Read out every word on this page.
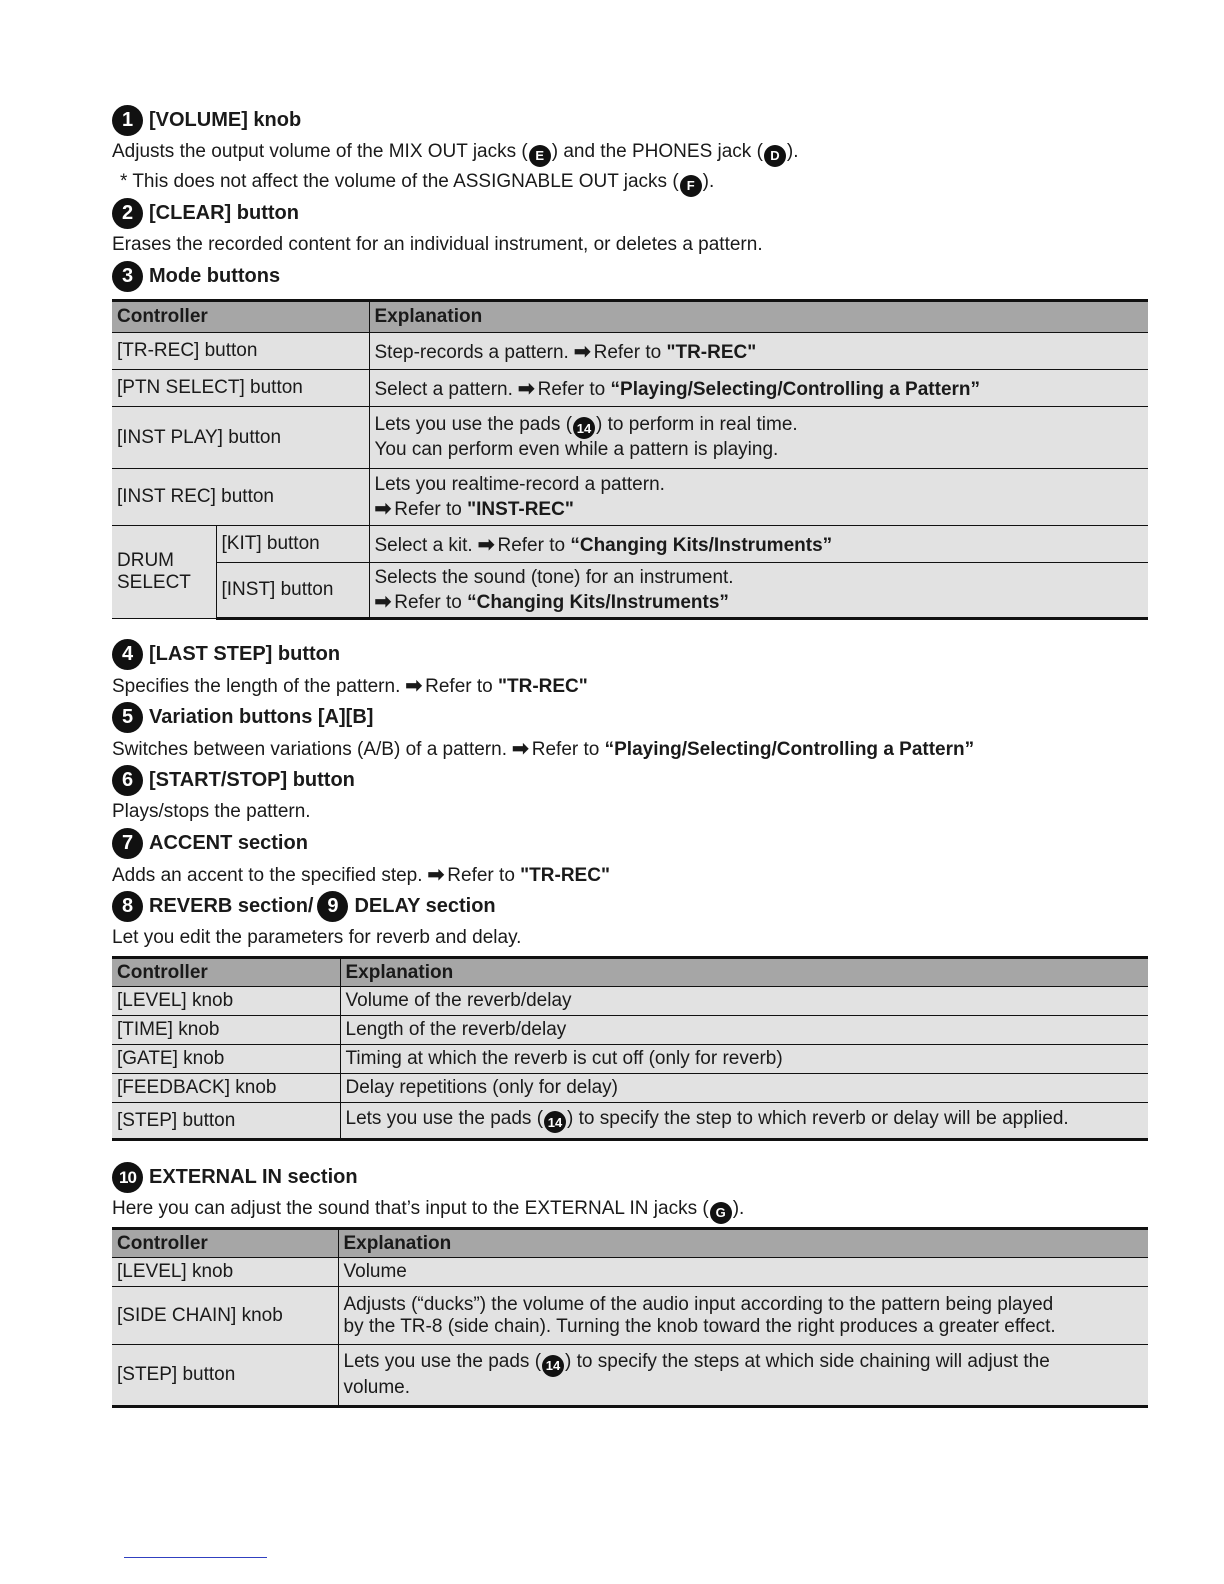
1 [VOLUME] knob
Adjusts the output volume of the MIX OUT jacks ( E ) and the PHONES jack ( D ).
* This does not affect the volume of the ASSIGNABLE OUT jacks ( F ).
2 [CLEAR] button
Erases the recorded content for an individual instrument, or deletes a pattern.
3 Mode buttons
Controller		Explanation
[TR-REC] button		Step-records a pattern. ➡ Refer to "TR-REC"
[PTN SELECT] button		Select a pattern. ➡ Refer to “Playing/Selecting/Controlling a Pattern”
[INST PLAY] button		Lets you use the pads ( 14 ) to perform in real time.
You can perform even while a pattern is playing.

[INST REC] button		Lets you realtime-record a pattern.
➡ Refer to "INST-REC"

DRUM
SELECT	[KIT] button	Select a kit. ➡ Refer to “Changing Kits/Instruments”
	[INST] button	Selects the sound (tone) for an instrument.
➡ Refer to “Changing Kits/Instruments”
4 [LAST STEP] button
Specifies the length of the pattern. ➡ Refer to "TR-REC"
5 Variation buttons [A][B]
Switches between variations (A/B) of a pattern. ➡ Refer to “Playing/Selecting/Controlling a Pattern”
6 [START/STOP] button
Plays/stops the pattern.
7 ACCENT section
Adds an accent to the specified step. ➡ Refer to "TR-REC"
8 REVERB section/ 9 DELAY section
Let you edit the parameters for reverb and delay.
Controller	Explanation
[LEVEL] knob	Volume of the reverb/delay
[TIME] knob	Length of the reverb/delay
[GATE] knob	Timing at which the reverb is cut off (only for reverb)
[FEEDBACK] knob	Delay repetitions (only for delay)
[STEP] button	Lets you use the pads ( 14 ) to specify the step to which reverb or delay will be applied.
10 EXTERNAL IN section
Here you can adjust the sound that’s input to the EXTERNAL IN jacks ( G ).
Controller	Explanation
[LEVEL] knob	Volume
[SIDE CHAIN] knob	Adjusts (“ducks”) the volume of the audio input according to the pattern being played
by the TR-8 (side chain). Turning the knob toward the right produces a greater effect.

[STEP] button	Lets you use the pads ( 14 ) to specify the steps at which side chaining will adjust the
volume.
